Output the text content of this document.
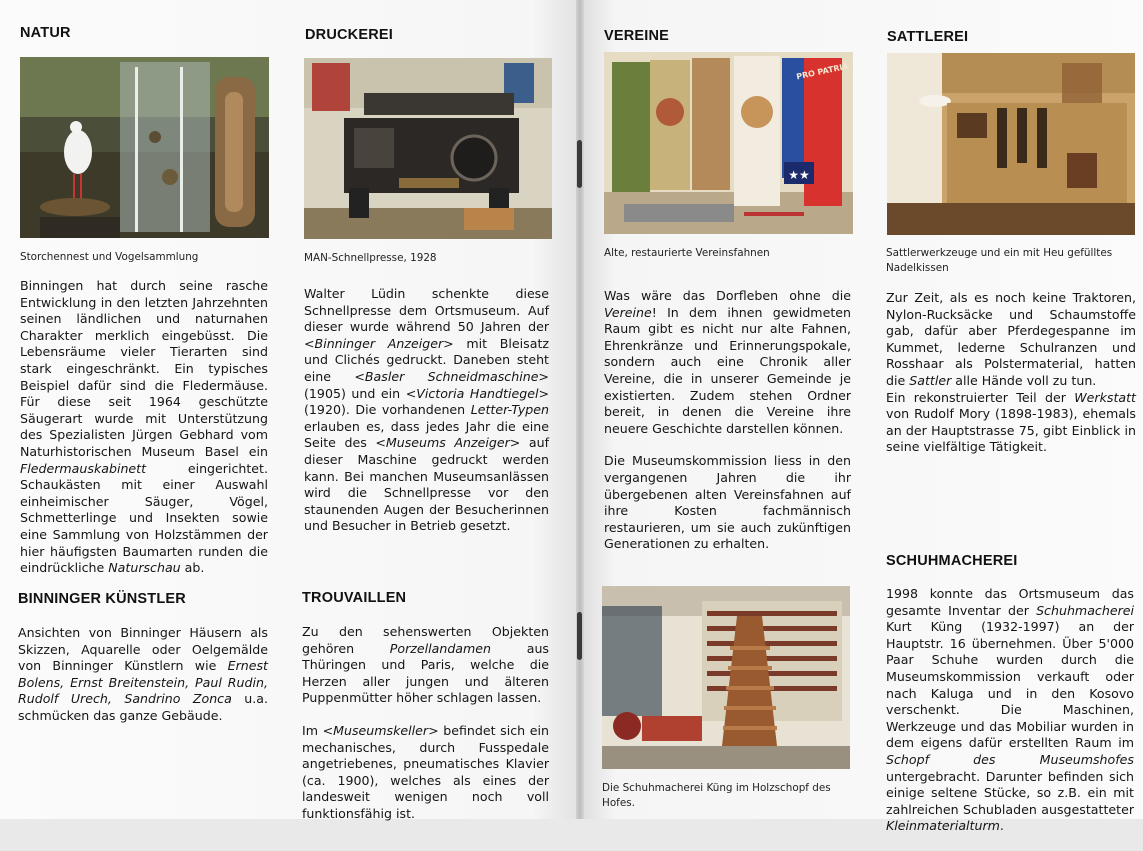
NATUR
Storchennest und Vogelsammlung

Binningen hat durch seine rasche Entwicklung in den letzten Jahrzehnten seinen ländlichen und naturnahen Charakter merklich eingebüsst. Die Lebensräume vieler Tierarten sind stark eingeschränkt. Ein typisches Beispiel dafür sind die Fledermäuse. Für diese seit 1964 geschützte Säugerart wurde mit Unterstützung des Spezialisten Jürgen Gebhard vom Naturhistorischen Museum Basel ein Fledermauskabinett eingerichtet. Schaukästen mit einer Auswahl einheimischer Säuger, Vögel, Schmetterlinge und Insekten sowie eine Sammlung von Holzstämmen der hier häufigsten Baumarten runden die eindrückliche Naturschau ab.

BINNINGER KÜNSTLER

Ansichten von Binninger Häusern als Skizzen, Aquarelle oder Oelgemälde von Binninger Künstlern wie Ernest Bolens, Ernst Breitenstein, Paul Rudin, Rudolf Urech, Sandrino Zonca u.a. schmücken das ganze Gebäude.

DRUCKEREI
MAN-Schnellpresse, 1928

Walter Lüdin schenkte diese Schnellpresse dem Ortsmuseum. Auf dieser wurde während 50 Jahren der <Binninger Anzeiger> mit Bleisatz und Clichés gedruckt. Daneben steht eine <Basler Schneidmaschine> (1905) und ein <Victoria Handtiegel> (1920). Die vorhandenen Letter-Typen erlauben es, dass jedes Jahr die eine Seite des <Museums Anzeiger> auf dieser Maschine gedruckt werden kann. Bei manchen Museumsanlässen wird die Schnellpresse vor den staunenden Augen der Besucherinnen und Besucher in Betrieb gesetzt.

TROUVAILLEN

Zu den sehenswerten Objekten gehören Porzellandamen aus Thüringen und Paris, welche die Herzen aller jungen und älteren Puppenmütter höher schlagen lassen.

Im <Museumskeller> befindet sich ein mechanisches, durch Fusspedale angetriebenes, pneumatisches Klavier (ca. 1900), welches als eines der landesweit wenigen noch voll funktionsfähig ist.

VEREINE
PRO PATRIA
★★
Alte, restaurierte Vereinsfahnen

Was wäre das Dorfleben ohne die Vereine! In dem ihnen gewidmeten Raum gibt es nicht nur alte Fahnen, Ehrenkränze und Erinnerungspokale, sondern auch eine Chronik aller Vereine, die in unserer Gemeinde je existierten. Zudem stehen Ordner bereit, in denen die Vereine ihre neuere Geschichte darstellen können.

Die Museumskommission liess in den vergangenen Jahren die ihr übergebenen alten Vereinsfahnen auf ihre Kosten fachmännisch restaurieren, um sie auch zukünftigen Generationen zu erhalten.

SATTLEREI
Sattlerwerkzeuge und ein mit Heu gefülltes Nadelkissen

Zur Zeit, als es noch keine Traktoren, Nylon-Rucksäcke und Schaumstoffe gab, dafür aber Pferdegespanne im Kummet, lederne Schulranzen und Rosshaar als Polstermaterial, hatten die Sattler alle Hände voll zu tun.

Ein rekonstruierter Teil der Werkstatt von Rudolf Mory (1898-1983), ehemals an der Hauptstrasse 75, gibt Einblick in seine vielfältige Tätigkeit.

Die Schuhmacherei Küng im Holzschopf des Hofes.
SCHUHMACHEREI

1998 konnte das Ortsmuseum das gesamte Inventar der Schuhmacherei Kurt Küng (1932-1997) an der Hauptstr. 16 übernehmen. Über 5'000 Paar Schuhe wurden durch die Museumskommission verkauft oder nach Kaluga und in den Kosovo verschenkt. Die Maschinen, Werkzeuge und das Mobiliar wurden in dem eigens dafür erstellten Raum im Schopf des Museumshofes untergebracht. Darunter befinden sich einige seltene Stücke, so z.B. ein mit zahlreichen Schubladen ausgestatteter Kleinmaterialturm.
